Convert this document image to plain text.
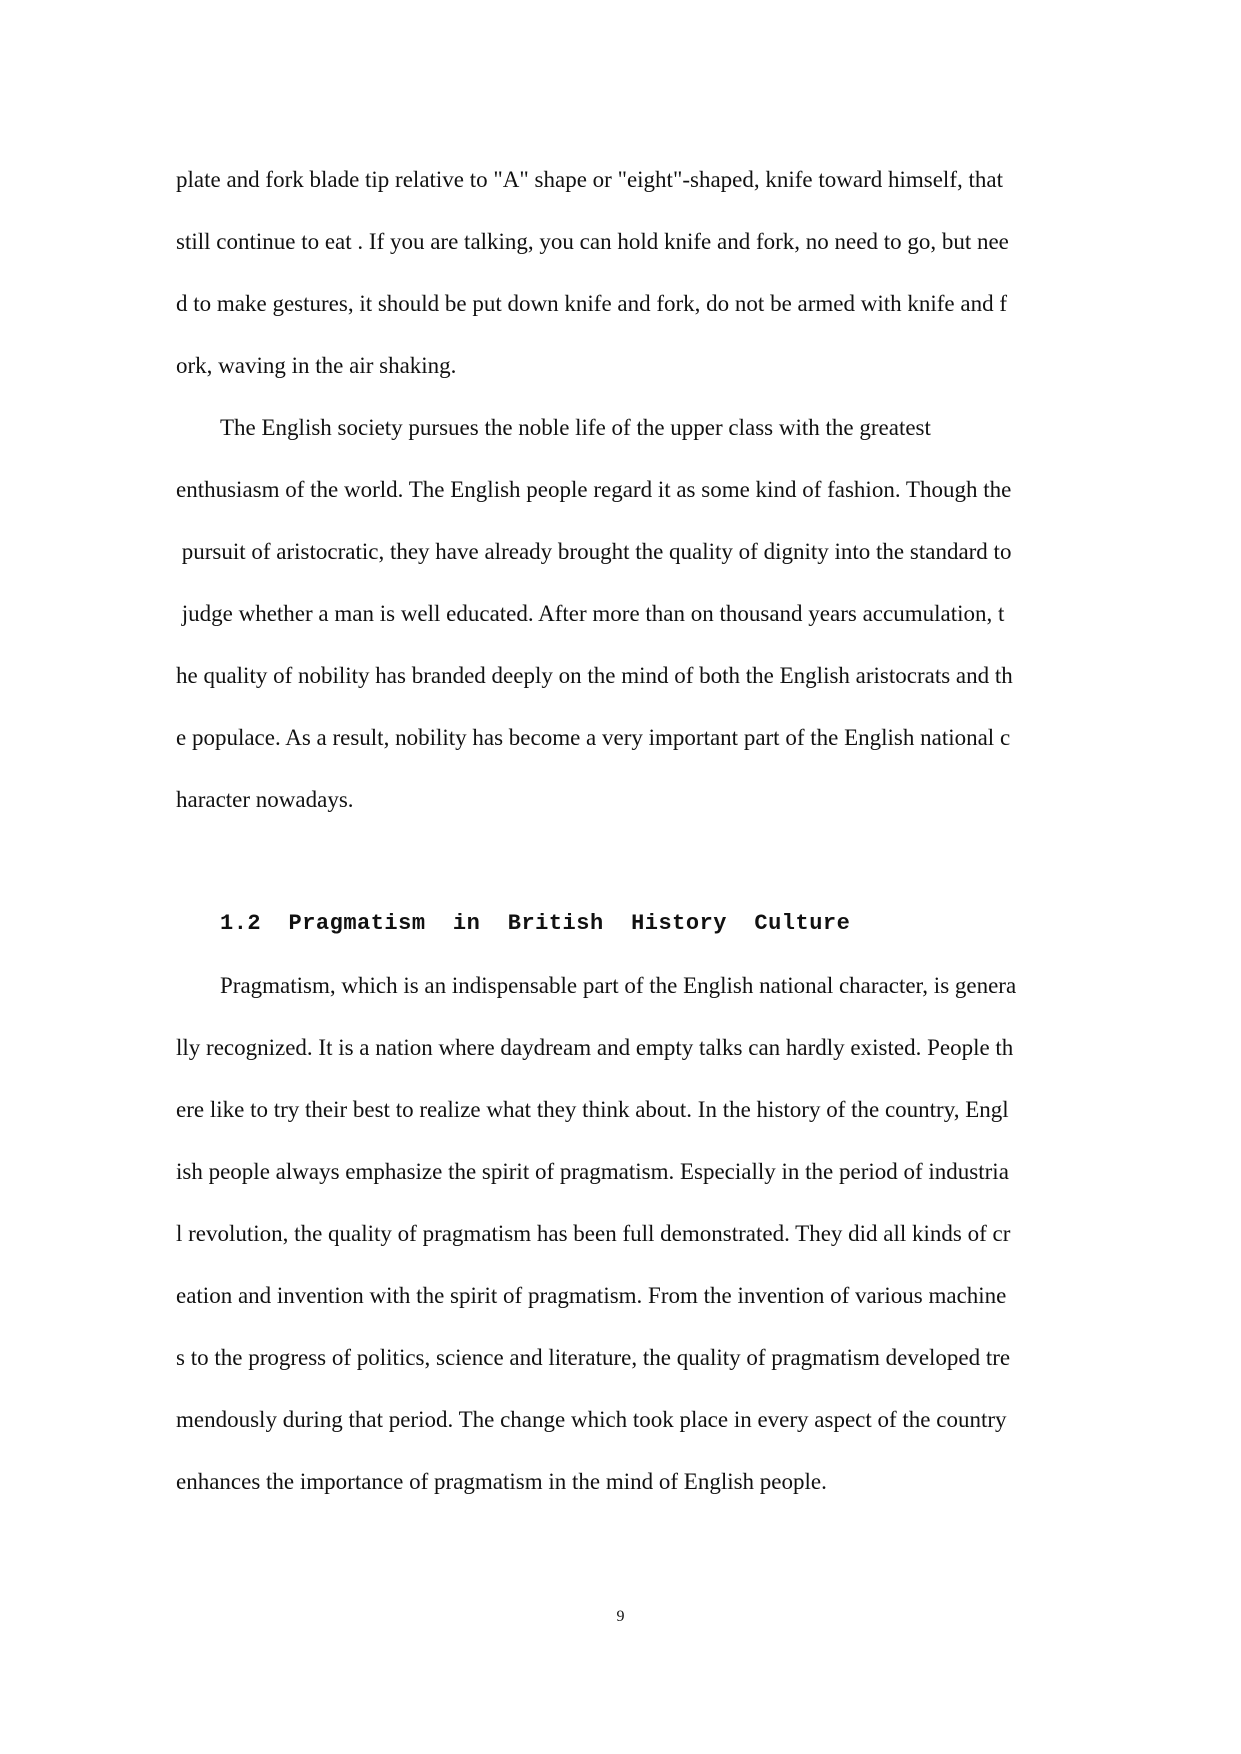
plate and fork blade tip relative to "A" shape or "eight"-shaped, knife toward himself, that
still continue to eat . If you are talking, you can hold knife and fork, no need to go, but nee
d to make gestures, it should be put down knife and fork, do not be armed with knife and f
ork, waving in the air shaking.
The English society pursues the noble life of the upper class with the greatest
enthusiasm of the world. The English people regard it as some kind of fashion. Though the
pursuit of aristocratic, they have already brought the quality of dignity into the standard to
judge whether a man is well educated. After more than on thousand years accumulation, t
he quality of nobility has branded deeply on the mind of both the English aristocrats and th
e populace. As a result, nobility has become a very important part of the English national c
haracter nowadays.
1.2  Pragmatism  in  British  History  Culture
Pragmatism, which is an indispensable part of the English national character, is genera
lly recognized. It is a nation where daydream and empty talks can hardly existed. People th
ere like to try their best to realize what they think about. In the history of the country, Engl
ish people always emphasize the spirit of pragmatism. Especially in the period of industria
l revolution, the quality of pragmatism has been full demonstrated. They did all kinds of cr
eation and invention with the spirit of pragmatism. From the invention of various machine
s to the progress of politics, science and literature, the quality of pragmatism developed tre
mendously during that period. The change which took place in every aspect of the country
enhances the importance of pragmatism in the mind of English people.
9
